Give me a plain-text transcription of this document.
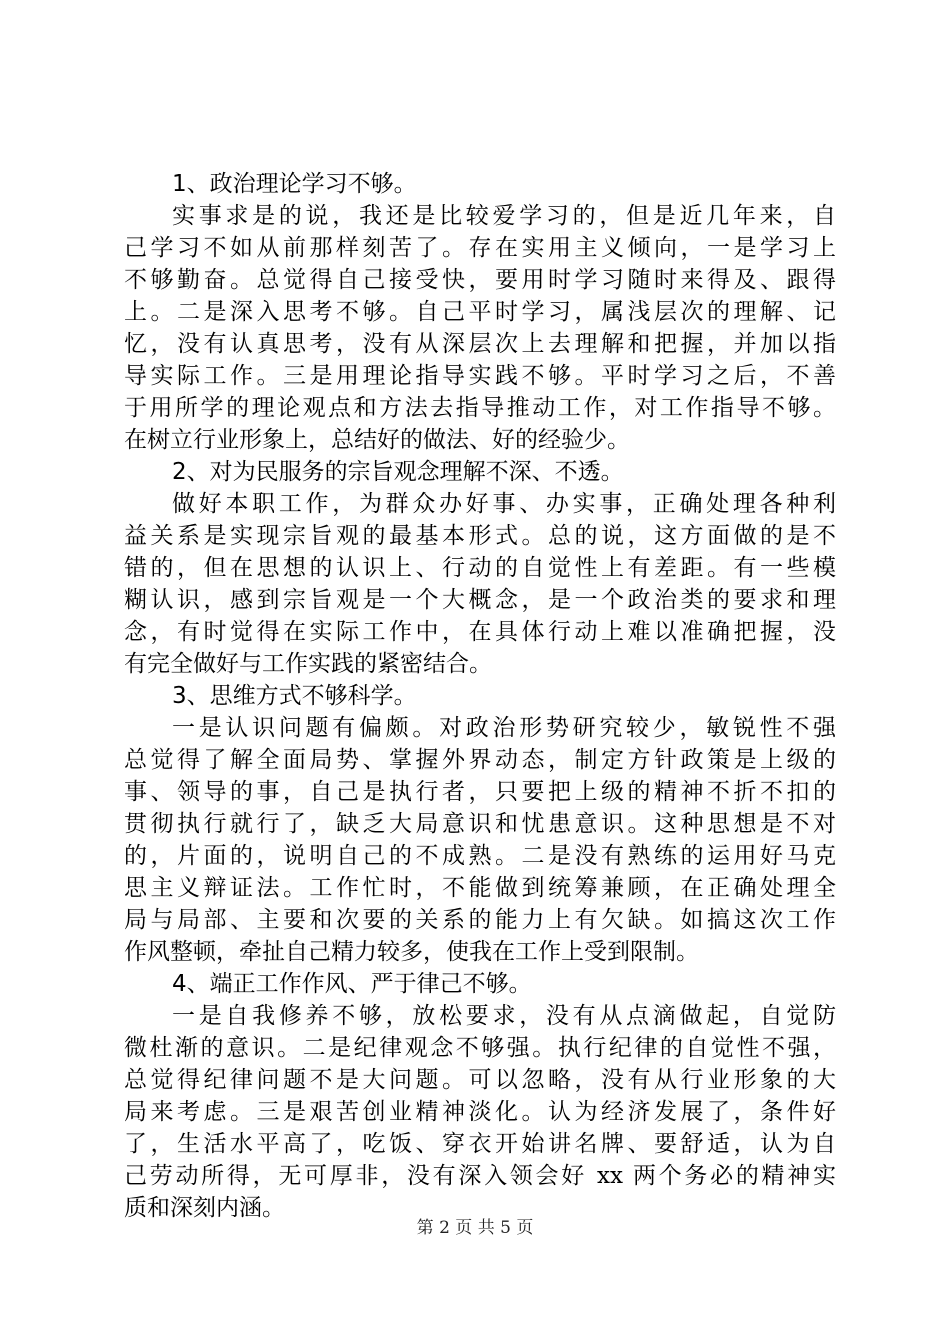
1、政治理论学习不够。

实事求是的说，我还是比较爱学习的，但是近几年来，自
己学习不如从前那样刻苦了。存在实用主义倾向，一是学习上
不够勤奋。总觉得自己接受快，要用时学习随时来得及、跟得
上。二是深入思考不够。自己平时学习，属浅层次的理解、记
忆，没有认真思考，没有从深层次上去理解和把握，并加以指
导实际工作。三是用理论指导实践不够。平时学习之后，不善
于用所学的理论观点和方法去指导推动工作，对工作指导不够。
在树立行业形象上，总结好的做法、好的经验少。

2、对为民服务的宗旨观念理解不深、不透。

做好本职工作，为群众办好事、办实事，正确处理各种利
益关系是实现宗旨观的最基本形式。总的说，这方面做的是不
错的，但在思想的认识上、行动的自觉性上有差距。有一些模
糊认识，感到宗旨观是一个大概念，是一个政治类的要求和理
念，有时觉得在实际工作中，在具体行动上难以准确把握，没
有完全做好与工作实践的紧密结合。

3、思维方式不够科学。

一是认识问题有偏颇。对政治形势研究较少，敏锐性不强
总觉得了解全面局势、掌握外界动态，制定方针政策是上级的
事、领导的事，自己是执行者，只要把上级的精神不折不扣的
贯彻执行就行了，缺乏大局意识和忧患意识。这种思想是不对
的，片面的，说明自己的不成熟。二是没有熟练的运用好马克
思主义辩证法。工作忙时，不能做到统筹兼顾，在正确处理全
局与局部、主要和次要的关系的能力上有欠缺。如搞这次工作
作风整顿，牵扯自己精力较多，使我在工作上受到限制。

4、端正工作作风、严于律己不够。

一是自我修养不够，放松要求，没有从点滴做起，自觉防
微杜渐的意识。二是纪律观念不够强。执行纪律的自觉性不强，
总觉得纪律问题不是大问题。可以忽略，没有从行业形象的大
局来考虑。三是艰苦创业精神淡化。认为经济发展了，条件好
了，生活水平高了，吃饭、穿衣开始讲名牌、要舒适，认为自
己劳动所得，无可厚非，没有深入领会好 xx 两个务必的精神实
质和深刻内涵。
第 2 页 共 5 页
